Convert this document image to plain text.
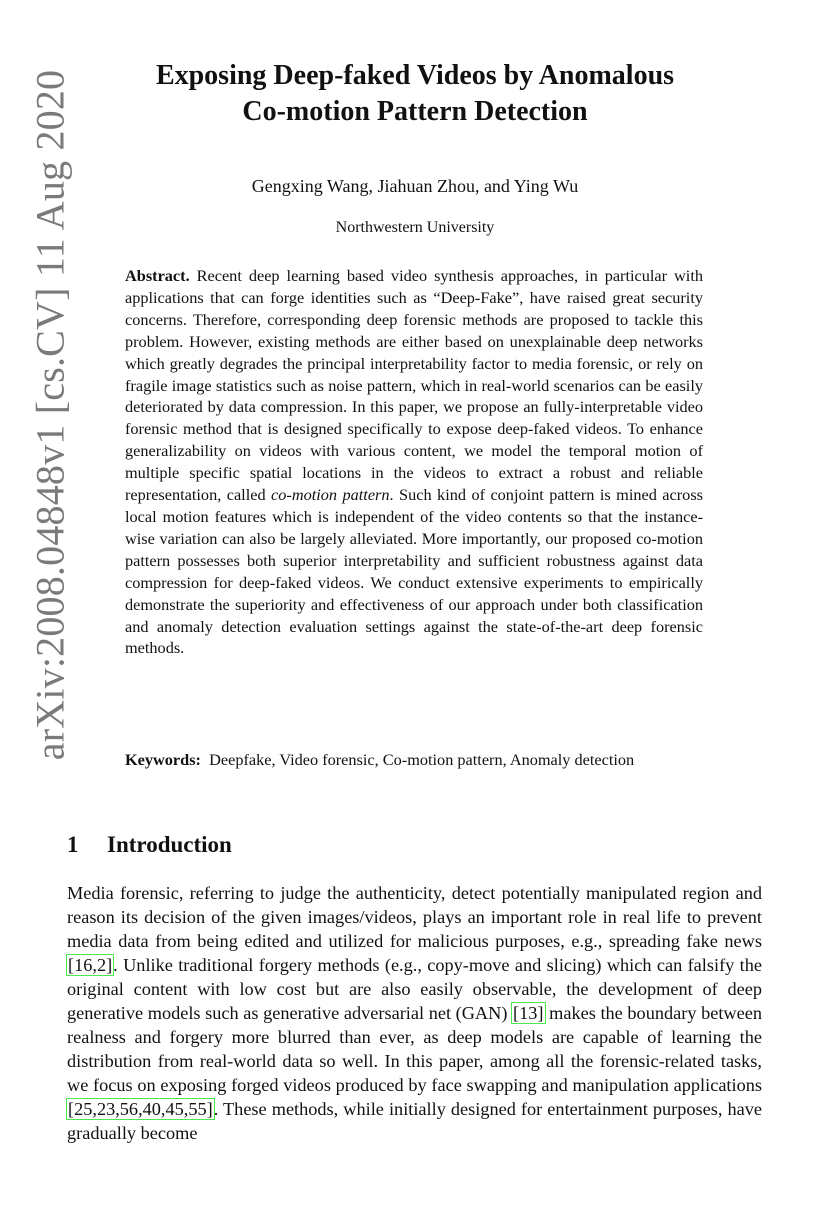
arXiv:2008.04848v1 [cs.CV] 11 Aug 2020	Exposing Deep-faked Videos by Anomalous
Co-motion Pattern Detection
Gengxing Wang, Jiahuan Zhou, and Ying Wu
Northwestern University
Abstract. Recent deep learning based video synthesis approaches, in particular with applications that can forge identities such as “Deep-Fake”, have raised great security concerns. Therefore, corresponding deep forensic methods are proposed to tackle this problem. However, existing methods are either based on unexplainable deep networks which greatly degrades the principal interpretability factor to media forensic, or rely on fragile image statistics such as noise pattern, which in real-world scenarios can be easily deteriorated by data compression. In this paper, we propose an fully-interpretable video forensic method that is designed specifically to expose deep-faked videos. To enhance generalizability on videos with various content, we model the temporal motion of multiple specific spatial locations in the videos to extract a robust and reliable representation, called co-motion pattern. Such kind of conjoint pattern is mined across local motion features which is independent of the video contents so that the instance-wise variation can also be largely alleviated. More importantly, our proposed co-motion pattern possesses both superior interpretability and sufficient robustness against data compression for deep-faked videos. We conduct extensive experiments to empirically demonstrate the superiority and effectiveness of our approach under both classification and anomaly detection evaluation settings against the state-of-the-art deep forensic methods.
Keywords: Deepfake, Video forensic, Co-motion pattern, Anomaly detection
1 Introduction
Media forensic, referring to judge the authenticity, detect potentially manipulated region and reason its decision of the given images/videos, plays an important role in real life to prevent media data from being edited and utilized for malicious purposes, e.g., spreading fake news [16,2]. Unlike traditional forgery methods (e.g., copy-move and slicing) which can falsify the original content with low cost but are also easily observable, the development of deep generative models such as generative adversarial net (GAN) [13] makes the boundary between realness and forgery more blurred than ever, as deep models are capable of learning the distribution from real-world data so well. In this paper, among all the forensic-related tasks, we focus on exposing forged videos produced by face swapping and manipulation applications [25,23,56,40,45,55]. These methods, while initially designed for entertainment purposes, have gradually become
